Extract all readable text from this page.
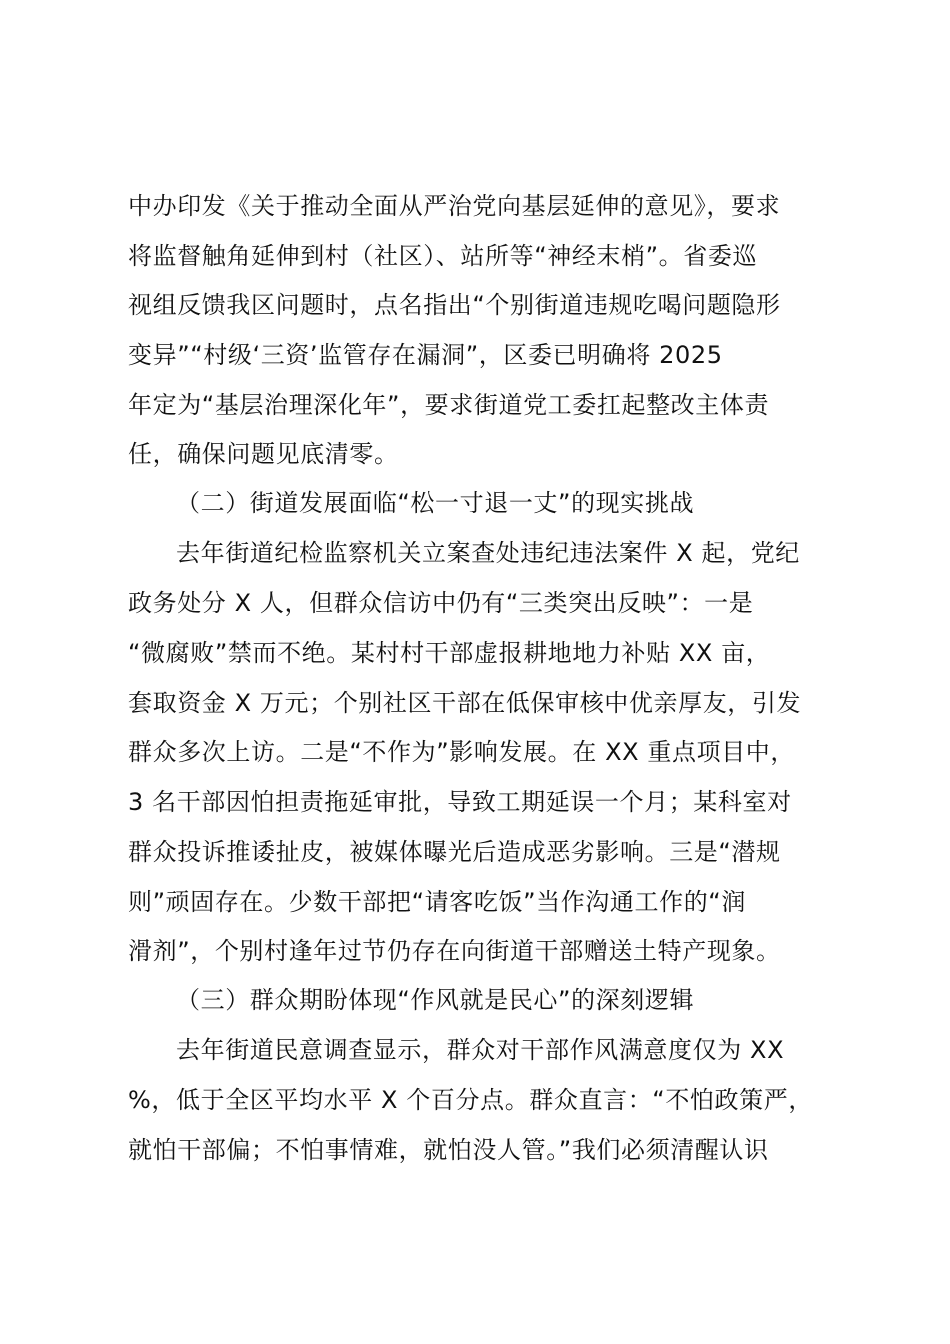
中办印发《关于推动全面从严治党向基层延伸的意见》，要求
将监督触角延伸到村（社区）、站所等“神经末梢”。省委巡
视组反馈我区问题时，点名指出“个别街道违规吃喝问题隐形
变异”“村级‘三资’监管存在漏洞”，区委已明确将 2025
年定为“基层治理深化年”，要求街道党工委扛起整改主体责
任，确保问题见底清零。
（二）街道发展面临“松一寸退一丈”的现实挑战
去年街道纪检监察机关立案查处违纪违法案件 X 起，党纪
政务处分 X 人，但群众信访中仍有“三类突出反映”：一是
“微腐败”禁而不绝。某村村干部虚报耕地地力补贴 XX 亩，
套取资金 X 万元；个别社区干部在低保审核中优亲厚友，引发
群众多次上访。二是“不作为”影响发展。在 XX 重点项目中，
3 名干部因怕担责拖延审批，导致工期延误一个月；某科室对
群众投诉推诿扯皮，被媒体曝光后造成恶劣影响。三是“潜规
则”顽固存在。少数干部把“请客吃饭”当作沟通工作的“润
滑剂”，个别村逢年过节仍存在向街道干部赠送土特产现象。
（三）群众期盼体现“作风就是民心”的深刻逻辑
去年街道民意调查显示，群众对干部作风满意度仅为 XX
%，低于全区平均水平 X 个百分点。群众直言：“不怕政策严，
就怕干部偏；不怕事情难，就怕没人管。”我们必须清醒认识
